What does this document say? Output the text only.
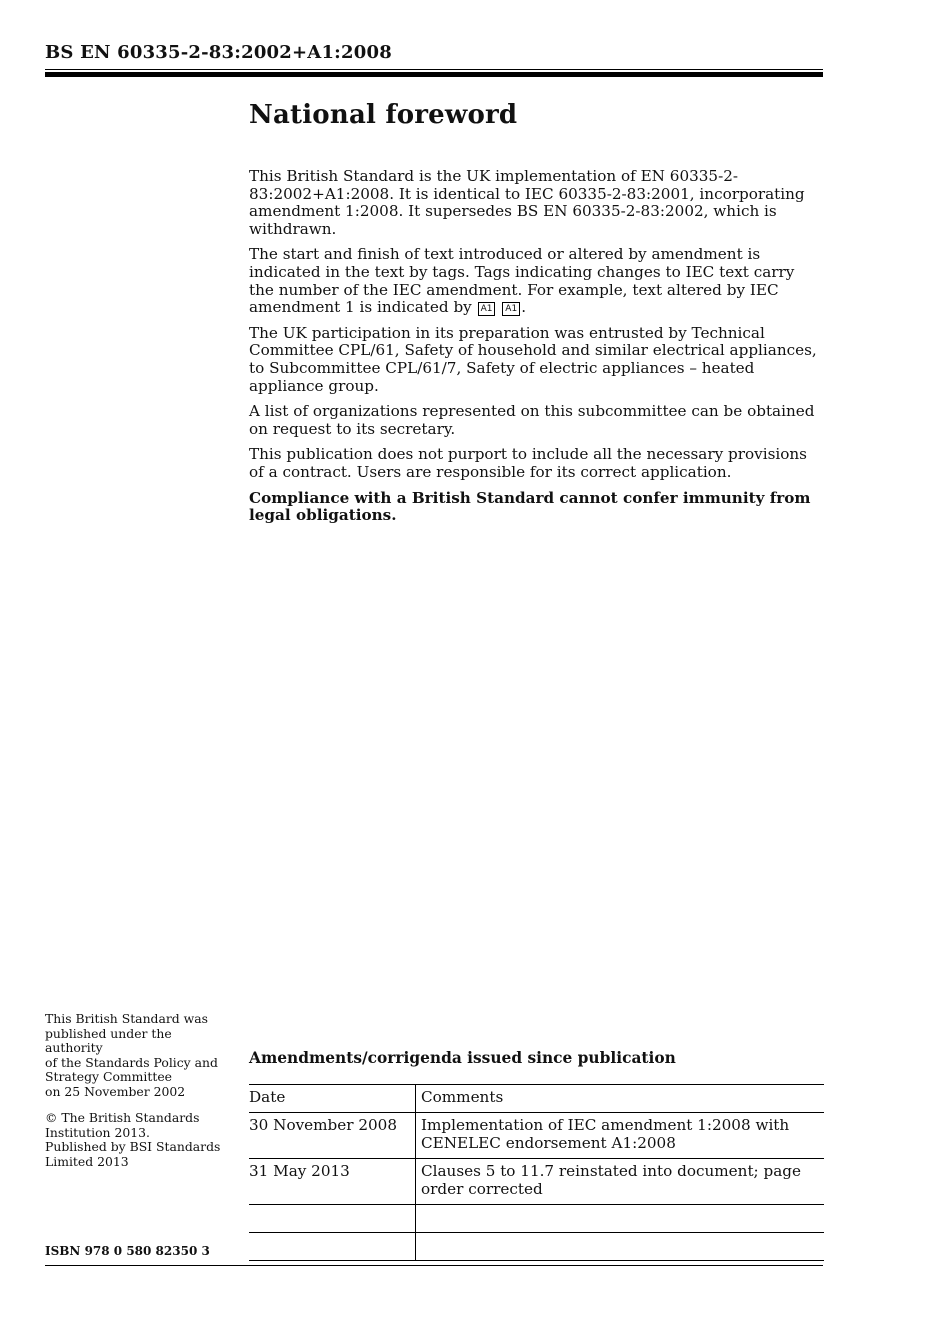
BS EN 60335-2-83:2002+A1:2008
National foreword

This British Standard is the UK implementation of EN 60335-2-83:2002+A1:2008. It is identical to IEC 60335-2-83:2001, incorporating amendment 1:2008. It supersedes BS EN 60335-2-83:2002, which is withdrawn.

The start and finish of text introduced or altered by amendment is indicated in the text by tags. Tags indicating changes to IEC text carry the number of the IEC amendment. For example, text altered by IEC amendment 1 is indicated by A1 A1 .

The UK participation in its preparation was entrusted by Technical Committee CPL/61, Safety of household and similar electrical appliances, to Subcommittee CPL/61/7, Safety of electric appliances – heated appliance group.

A list of organizations represented on this subcommittee can be obtained on request to its secretary.

This publication does not purport to include all the necessary provisions of a contract. Users are responsible for its correct application.

Compliance with a British Standard cannot confer immunity from legal obligations.

This British Standard was
published under the authority
of the Standards Policy and
Strategy Committee
on 25 November 2002

© The British Standards
Institution 2013.
Published by BSI Standards
Limited 2013

ISBN 978 0 580 82350 3
Amendments/corrigenda issued since publication
Date	Comments
30 November 2008	Implementation of IEC amendment 1:2008 with CENELEC endorsement A1:2008
31 May 2013	Clauses 5 to 11.7 reinstated into document; page order corrected
